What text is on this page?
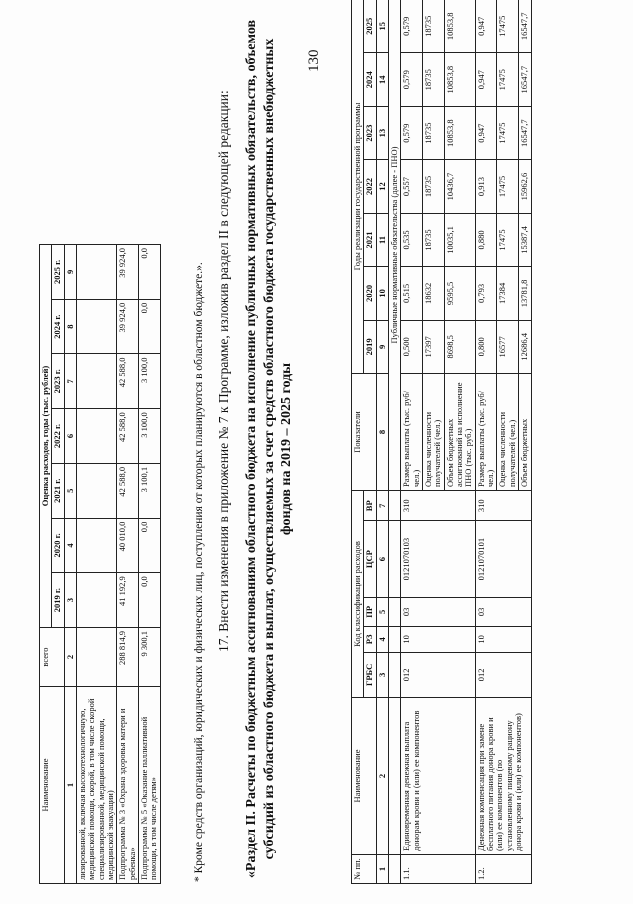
130
Наименование	всего	Оценка расходов, годы (тыс. рублей)						
		2019 г.	2020 г.	2021 г.	2022 г.	2023 г.	2024 г.	2025 г.
1	2	3	4	5	6	7	8	9
лизированной, включая высокотехнологичную, медицинской помощи, скорой, в том числе скорой специализированной, медицинской помощи, медицинской эвакуации)								
Подпрограмма № 3 «Охрана здоровья матери и ребенка»	288 814,9	41 192,9	40 010,0	42 588,0	42 588,0	42 588,0	39 924,0	39 924,0
Подпрограмма № 5 «Оказание паллиативной помощи, в том числе детям»	9 300,1	0,0	0,0	3 100,1	3 100,0	3 100,0	0,0	0,0
* Кроме средств организаций, юридических и физических лиц, поступления от которых планируются в областном бюджете.». 17. Внести изменения в приложение № 7 к Программе, изложив раздел II в следующей редакции: «Раздел II. Расчеты по бюджетным ассигнованиям областного бюджета на исполнение публичных нормативных обязательств, объемов субсидий из областного бюджета и выплат, осуществляемых за счет средств областного бюджета государственных внебюджетных фондов на 2019 – 2025 годы
№ пп.	Наименование	Код классификации расходов					Показатели	Годы реализации государственной программы						
		ГРБС	РЗ	ПР	ЦСР	ВР		2019	2020	2021	2022	2023	2024	2025
1	2	3	4	5	6	7	8	9	10	11	12	13	14	15
							Публичные нормативные обязательства (далее - ПНО)							
1.1.	Единовременная денежная выплата донорам крови и (или) ее компонентов	012	10	03	0121070103	310	Размер выплаты (тыс. руб/чел.)	0,500	0,515	0,535	0,557	0,579	0,579	0,579
							Оценка численности получателей (чел.)	17397	18632	18735	18735	18735	18735	18735
							Объем бюджетных ассигнований на исполнение ПНО (тыс. руб.)	8698,5	9595,5	10035,1	10436,7	10853,8	10853,8	10853,8
1.2.	Денежная компенсация при замене бесплатного питания донора крови и (или) ее компонентов (по установленному пищевому рациону донора крови и (или) ее компонентов)	012	10	03	0121070101	310	Размер выплаты (тыс. руб/чел.)	0,800	0,793	0,880	0,913	0,947	0,947	0,947
							Оценка численности получателей (чел.)	16577	17384	17475	17475	17475	17475	17475
							Объем бюджетных	12686,4	13781,8	15387,4	15962,6	16547,7	16547,7	16547,7
